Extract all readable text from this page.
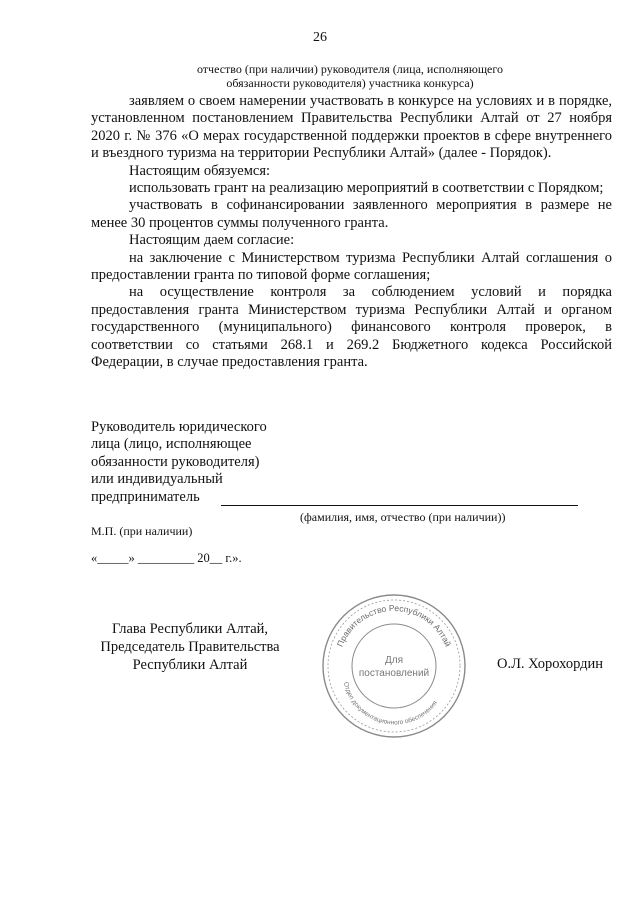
26
отчество (при наличии) руководителя (лица, исполняющего
обязанности руководителя) участника конкурса)

заявляем о своем намерении участвовать в конкурсе на условиях и в порядке, установленном постановлением Правительства Республики Алтай от 27 ноября 2020 г. № 376 «О мерах государственной поддержки проектов в сфере внутреннего и въездного туризма на территории Республики Алтай» (далее - Порядок).

Настоящим обязуемся:

использовать грант на реализацию мероприятий в соответствии с Порядком;

участвовать в софинансировании заявленного мероприятия в размере не менее 30 процентов суммы полученного гранта.

Настоящим даем согласие:

на заключение с Министерством туризма Республики Алтай соглашения о предоставлении гранта по типовой форме соглашения;

на осуществление контроля за соблюдением условий и порядка предоставления гранта Министерством туризма Республики Алтай и органом государственного (муниципального) финансового контроля проверок, в соответствии со статьями 268.1 и 269.2 Бюджетного кодекса Российской Федерации, в случае предоставления гранта.

Руководитель юридического
лица (лицо, исполняющее
обязанности руководителя)
или индивидуальный
предприниматель
(фамилия, имя, отчество (при наличии))
М.П. (при наличии)
«_____» _________ 20__ г.».
Глава Республики Алтай,
Председатель Правительства
Республики Алтай	О.Л. Хорохордин
Правительство Республики Алтай
Отдел документационного обеспечения
Для
постановлений
